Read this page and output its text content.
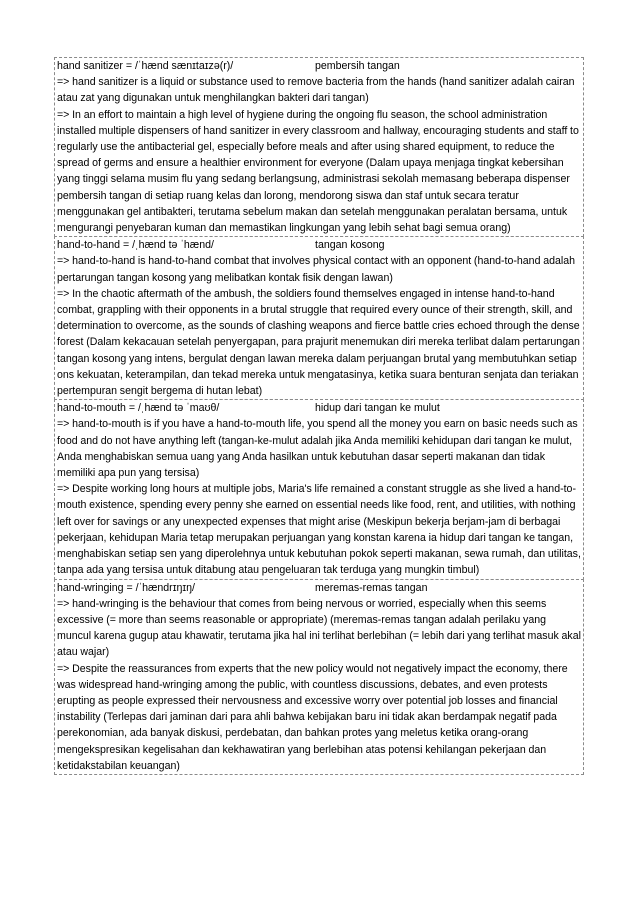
hand sanitizer = /ˈhænd sænɪtaɪzə(r)/	pembersih tangan

=> hand sanitizer is a liquid or substance used to remove bacteria from the hands (hand sanitizer adalah cairan atau zat yang digunakan untuk menghilangkan bakteri dari tangan)

=> In an effort to maintain a high level of hygiene during the ongoing flu season, the school administration installed multiple dispensers of hand sanitizer in every classroom and hallway, encouraging students and staff to regularly use the antibacterial gel, especially before meals and after using shared equipment, to reduce the spread of germs and ensure a healthier environment for everyone (Dalam upaya menjaga tingkat kebersihan yang tinggi selama musim flu yang sedang berlangsung, administrasi sekolah memasang beberapa dispenser pembersih tangan di setiap ruang kelas dan lorong, mendorong siswa dan staf untuk secara teratur menggunakan gel antibakteri, terutama sebelum makan dan setelah menggunakan peralatan bersama, untuk mengurangi penyebaran kuman dan memastikan lingkungan yang lebih sehat bagi semua orang)

hand-to-hand = /ˌhænd tə ˈhænd/	tangan kosong

=> hand-to-hand is hand-to-hand combat that involves physical contact with an opponent (hand-to-hand adalah pertarungan tangan kosong yang melibatkan kontak fisik dengan lawan)

=> In the chaotic aftermath of the ambush, the soldiers found themselves engaged in intense hand-to-hand combat, grappling with their opponents in a brutal struggle that required every ounce of their strength, skill, and determination to overcome, as the sounds of clashing weapons and fierce battle cries echoed through the dense forest (Dalam kekacauan setelah penyergapan, para prajurit menemukan diri mereka terlibat dalam pertarungan tangan kosong yang intens, bergulat dengan lawan mereka dalam perjuangan brutal yang membutuhkan setiap ons kekuatan, keterampilan, dan tekad mereka untuk mengatasinya, ketika suara benturan senjata dan teriakan pertempuran sengit bergema di hutan lebat)

hand-to-mouth = /ˌhænd tə ˈmaʊθ/	hidup dari tangan ke mulut

=> hand-to-mouth is if you have a hand-to-mouth life, you spend all the money you earn on basic needs such as food and do not have anything left (tangan-ke-mulut adalah jika Anda memiliki kehidupan dari tangan ke mulut, Anda menghabiskan semua uang yang Anda hasilkan untuk kebutuhan dasar seperti makanan dan tidak memiliki apa pun yang tersisa)

=> Despite working long hours at multiple jobs, Maria's life remained a constant struggle as she lived a hand-to-mouth existence, spending every penny she earned on essential needs like food, rent, and utilities, with nothing left over for savings or any unexpected expenses that might arise (Meskipun bekerja berjam-jam di berbagai pekerjaan, kehidupan Maria tetap merupakan perjuangan yang konstan karena ia hidup dari tangan ke tangan, menghabiskan setiap sen yang diperolehnya untuk kebutuhan pokok seperti makanan, sewa rumah, dan utilitas, tanpa ada yang tersisa untuk ditabung atau pengeluaran tak terduga yang mungkin timbul)

hand-wringing = /ˈhændrɪŋɪŋ/	meremas-remas tangan

=> hand-wringing is the behaviour that comes from being nervous or worried, especially when this seems excessive (= more than seems reasonable or appropriate) (meremas-remas tangan adalah perilaku yang muncul karena gugup atau khawatir, terutama jika hal ini terlihat berlebihan (= lebih dari yang terlihat masuk akal atau wajar)

=> Despite the reassurances from experts that the new policy would not negatively impact the economy, there was widespread hand-wringing among the public, with countless discussions, debates, and even protests erupting as people expressed their nervousness and excessive worry over potential job losses and financial instability (Terlepas dari jaminan dari para ahli bahwa kebijakan baru ini tidak akan berdampak negatif pada perekonomian, ada banyak diskusi, perdebatan, dan bahkan protes yang meletus ketika orang-orang mengekspresikan kegelisahan dan kekhawatiran yang berlebihan atas potensi kehilangan pekerjaan dan ketidakstabilan keuangan)
